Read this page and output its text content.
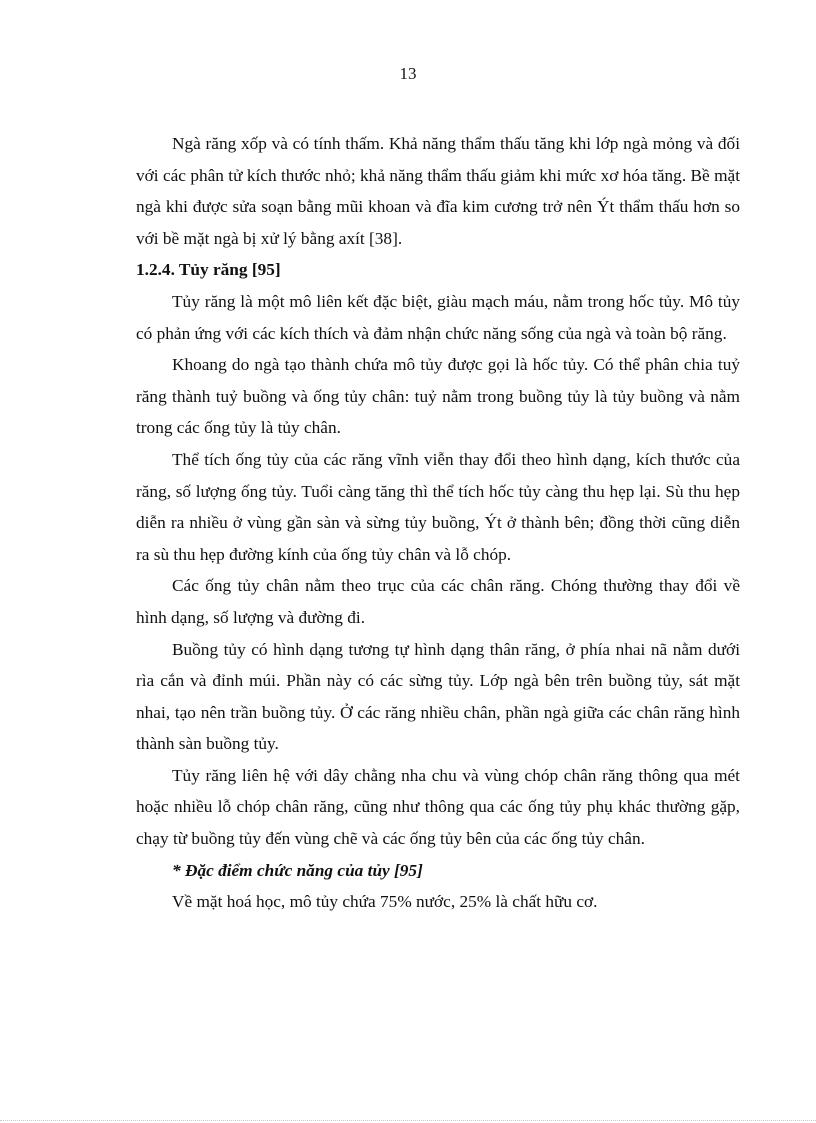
13

Ngà răng xốp và có tính thấm. Khả năng thẩm thấu tăng khi lớp ngà mỏng và đối với các phân tử kích thước nhỏ; khả năng thẩm thấu giảm khi mức xơ hóa tăng. Bề mặt ngà khi được sửa soạn bằng mũi khoan và đĩa kim cương trở nên Ýt thẩm thấu hơn so với bề mặt ngà bị xử lý bằng axít [38].

1.2.4. Tủy răng [95]

Tủy răng là một mô liên kết đặc biệt, giàu mạch máu, nằm trong hốc tủy. Mô tủy có phản ứng với các kích thích và đảm nhận chức năng sống của ngà và toàn bộ răng.

Khoang do ngà tạo thành chứa mô tủy được gọi là hốc tủy. Có thể phân chia tuỷ răng thành tuỷ buồng và ống tủy chân: tuỷ nằm trong buồng tủy là tủy buồng và nằm trong các ống tủy là tủy chân.

Thể tích ống tủy của các răng vĩnh viễn thay đổi theo hình dạng, kích thước của răng, số lượng ống tủy. Tuổi càng tăng thì thể tích hốc tủy càng thu hẹp lại. Sù thu hẹp diễn ra nhiều ở vùng gần sàn và sừng tủy buồng, Ýt ở thành bên; đồng thời cũng diễn ra sù thu hẹp đường kính của ống tủy chân và lỗ chóp.

Các ống tủy chân nằm theo trục của các chân răng. Chóng thường thay đổi về hình dạng, số lượng và đường đi.

Buồng tủy có hình dạng tương tự hình dạng thân răng, ở phía nhai nã nằm dưới rìa cắn và đỉnh múi. Phần này có các sừng tủy. Lớp ngà bên trên buồng tủy, sát mặt nhai, tạo nên trần buồng tủy. Ở các răng nhiều chân, phần ngà giữa các chân răng hình thành sàn buồng tủy.

Tủy răng liên hệ với dây chằng nha chu và vùng chóp chân răng thông qua mét hoặc nhiều lỗ chóp chân răng, cũng như thông qua các ống tủy phụ khác thường gặp, chạy từ buồng tủy đến vùng chẽ và các ống tủy bên của các ống tủy chân.

* Đặc điểm chức năng của tủy [95]

Về mặt hoá học, mô tủy chứa 75% nước, 25% là chất hữu cơ.
